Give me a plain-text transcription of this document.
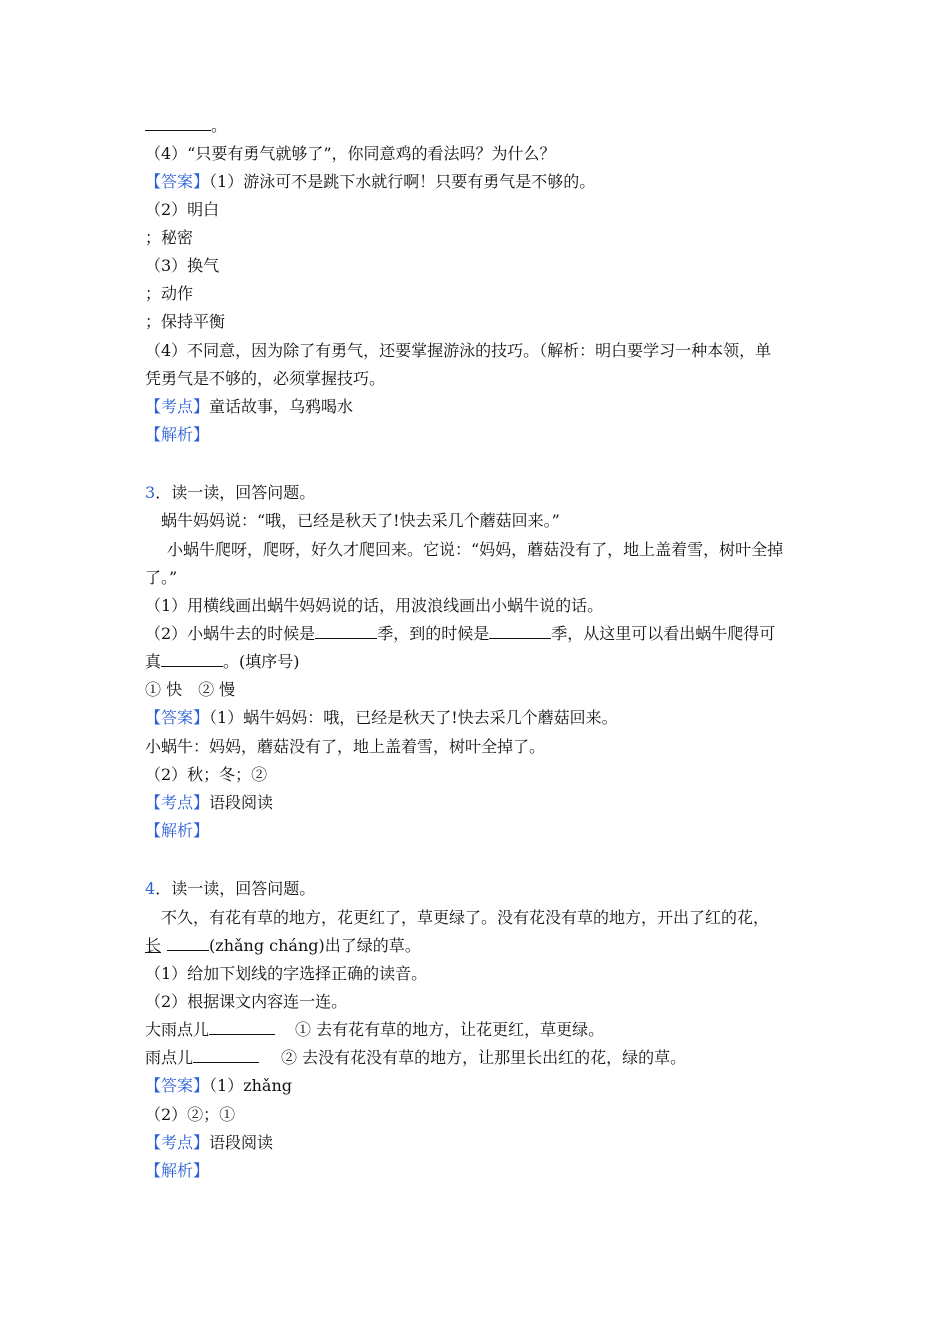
。
（4）“只要有勇气就够了”，你同意鸡的看法吗？为什么？
【答案】（1）游泳可不是跳下水就行啊！只要有勇气是不够的。
（2）明白
；秘密
（3）换气
；动作
；保持平衡
（4）不同意，因为除了有勇气，还要掌握游泳的技巧。（解析：明白要学习一种本领，单
凭勇气是不够的，必须掌握技巧。
【考点】童话故事，乌鸦喝水
【解析】
3．读一读，回答问题。
蜗牛妈妈说：“哦，已经是秋天了!快去采几个蘑菇回来。”
小蜗牛爬呀，爬呀，好久才爬回来。它说：“妈妈，蘑菇没有了，地上盖着雪，树叶全掉
了。”
（1）用横线画出蜗牛妈妈说的话，用波浪线画出小蜗牛说的话。
（2）小蜗牛去的时候是	季，到的时候是	季，从这里可以看出蜗牛爬得可
真	。(填序号)
① 快　② 慢
【答案】（1）蜗牛妈妈：哦，已经是秋天了!快去采几个蘑菇回来。
小蜗牛：妈妈，蘑菇没有了，地上盖着雪，树叶全掉了。
（2）秋；冬；②
【考点】语段阅读
【解析】
4．读一读，回答问题。
不久，有花有草的地方，花更红了，草更绿了。没有花没有草的地方，开出了红的花，
长	(zhǎng cháng)出了绿的草。
（1）给加下划线的字选择正确的读音。
（2）根据课文内容连一连。
大雨点儿	① 去有花有草的地方，让花更红，草更绿。
雨点儿	② 去没有花没有草的地方，让那里长出红的花，绿的草。
【答案】（1）zhǎng
（2）②；①
【考点】语段阅读
【解析】
